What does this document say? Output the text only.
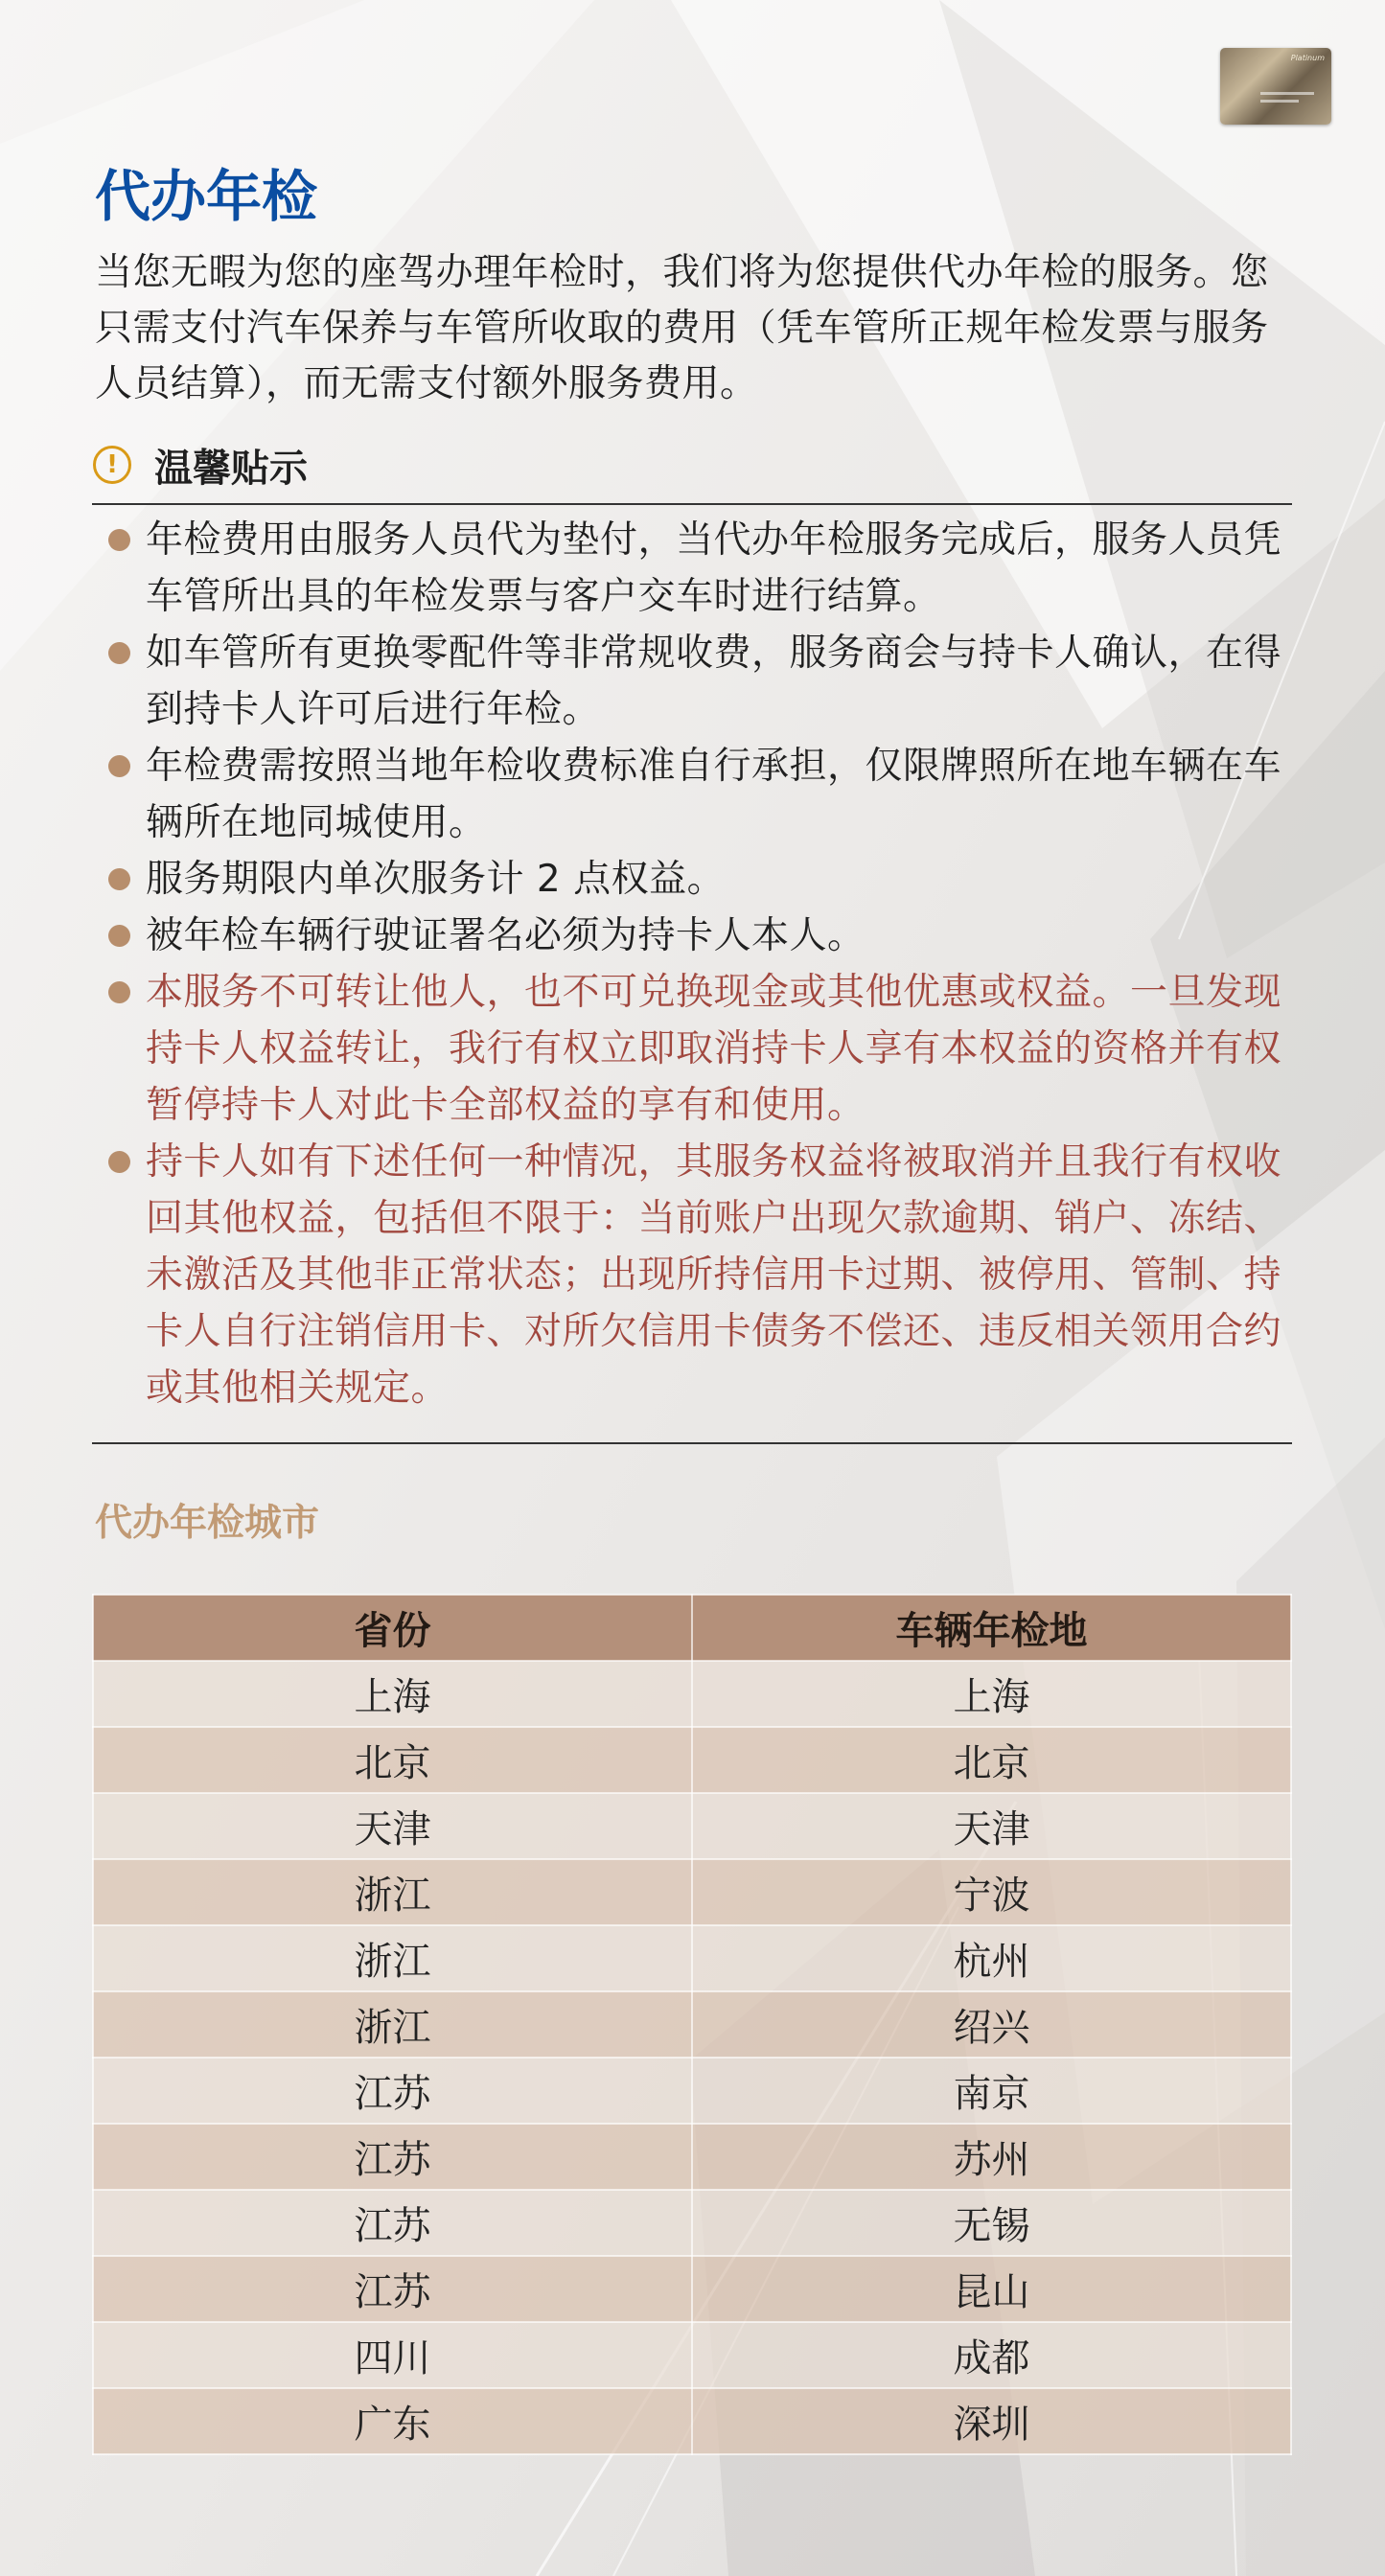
Platinum
代办年检

当您无暇为您的座驾办理年检时，我们将为您提供代办年检的服务。您只需支付汽车保养与车管所收取的费用（凭车管所正规年检发票与服务人员结算），而无需支付额外服务费用。

! 温馨贴示
年检费用由服务人员代为垫付，当代办年检服务完成后，服务人员凭车管所出具的年检发票与客户交车时进行结算。
如车管所有更换零配件等非常规收费，服务商会与持卡人确认，在得到持卡人许可后进行年检。
年检费需按照当地年检收费标准自行承担，仅限牌照所在地车辆在车辆所在地同城使用。
服务期限内单次服务计 2 点权益。
被年检车辆行驶证署名必须为持卡人本人。
本服务不可转让他人，也不可兑换现金或其他优惠或权益。一旦发现持卡人权益转让，我行有权立即取消持卡人享有本权益的资格并有权暂停持卡人对此卡全部权益的享有和使用。
持卡人如有下述任何一种情况，其服务权益将被取消并且我行有权收回其他权益，包括但不限于：当前账户出现欠款逾期、销户、冻结、未激活及其他非正常状态；出现所持信用卡过期、被停用、管制、持卡人自行注销信用卡、对所欠信用卡债务不偿还、违反相关领用合约或其他相关规定。
代办年检城市
省份	车辆年检地
上海	上海
北京	北京
天津	天津
浙江	宁波
浙江	杭州
浙江	绍兴
江苏	南京
江苏	苏州
江苏	无锡
江苏	昆山
四川	成都
广东	深圳
